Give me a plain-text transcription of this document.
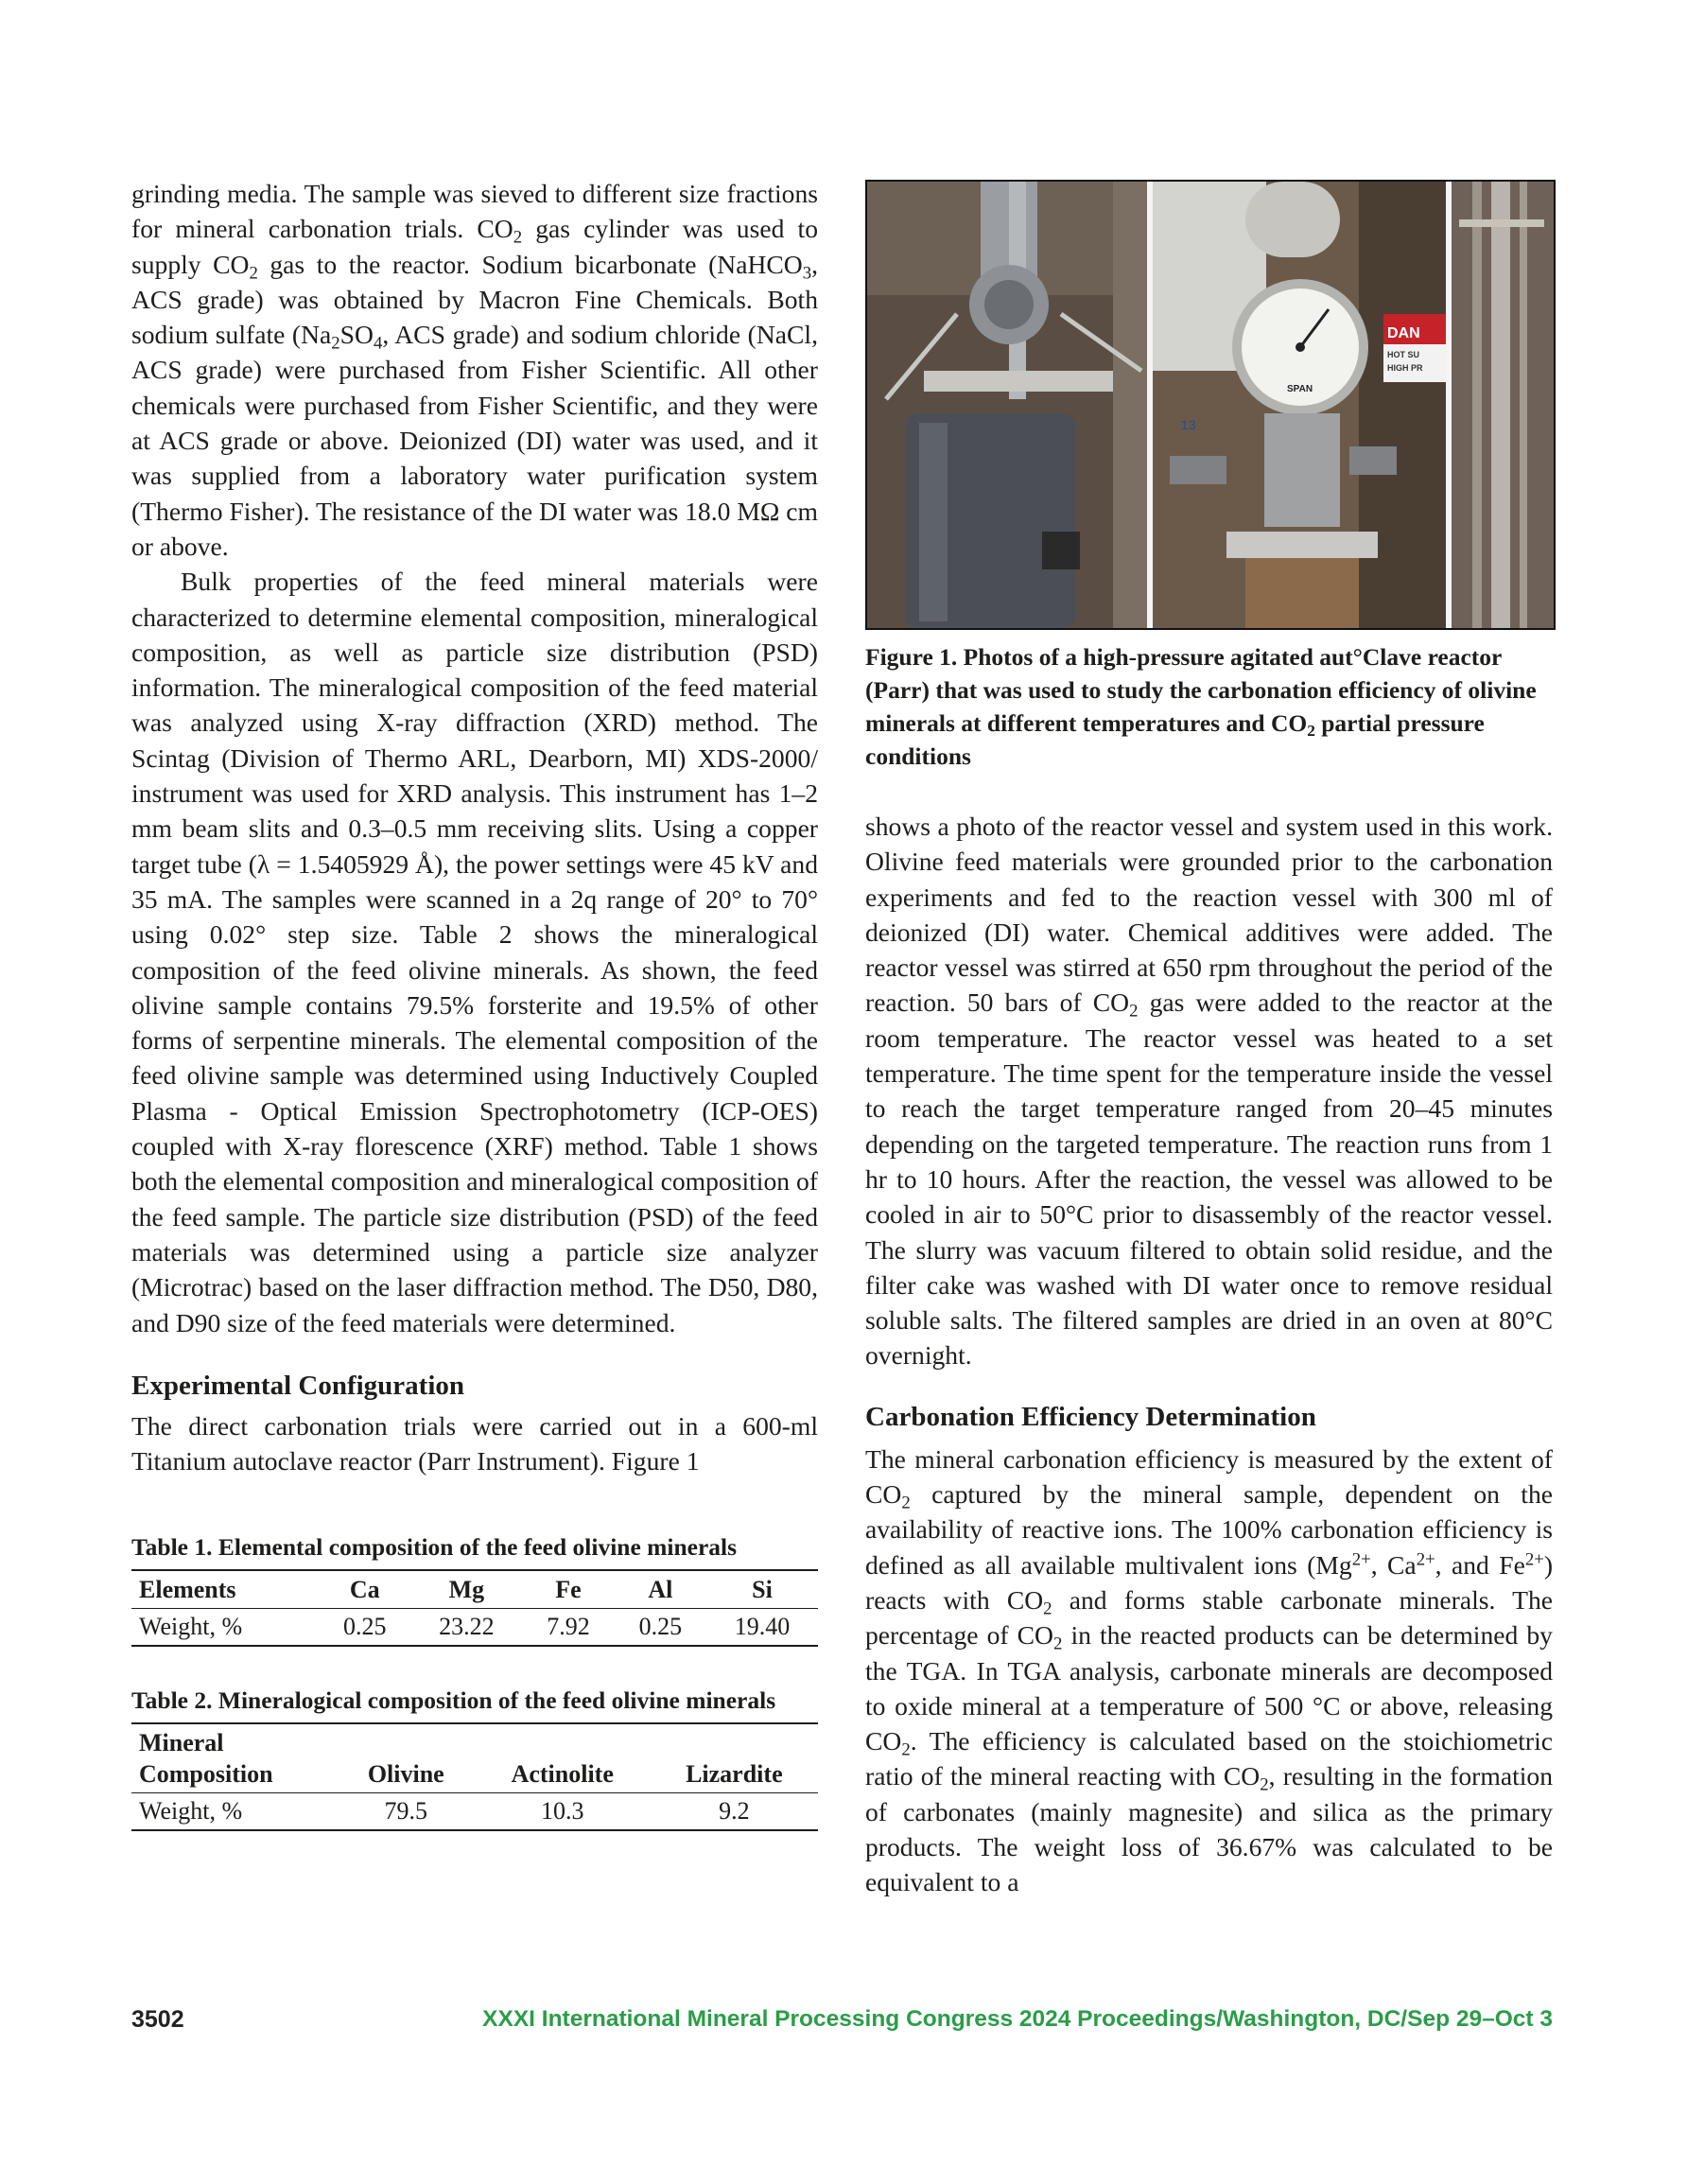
grinding media. The sample was sieved to different size fractions for mineral carbonation trials. $CO_2$ gas cylinder was used to supply $CO_2$ gas to the reactor. Sodium bicarbonate (NaHCO$_3$, ACS grade) was obtained by Macron Fine Chemicals. Both sodium sulfate ($Na_2SO_4$, ACS grade) and sodium chloride (NaCl, ACS grade) were purchased from Fisher Scientific. All other chemicals were purchased from Fisher Scientific, and they were at ACS grade or above. Deionized (DI) water was used, and it was supplied from a laboratory water purification system (Thermo Fisher). The resistance of the DI water was 18.0 MΩ cm or above.

Bulk properties of the feed mineral materials were characterized to determine elemental composition, mineralogical composition, as well as particle size distribution (PSD) information. The mineralogical composition of the feed material was analyzed using X-ray diffraction (XRD) method. The Scintag (Division of Thermo ARL, Dearborn, MI) XDS-2000/ instrument was used for XRD analysis. This instrument has 1–2 mm beam slits and 0.3–0.5 mm receiving slits. Using a copper target tube (λ = 1.5405929 Å), the power settings were 45 kV and 35 mA. The samples were scanned in a 2q range of 20° to 70° using 0.02° step size. Table 2 shows the mineralogical composition of the feed olivine minerals. As shown, the feed olivine sample contains 79.5% forsterite and 19.5% of other forms of serpentine minerals. The elemental composition of the feed olivine sample was determined using Inductively Coupled Plasma - Optical Emission Spectrophotometry (ICP-OES) coupled with X-ray florescence (XRF) method. Table 1 shows both the elemental composition and mineralogical composition of the feed sample. The particle size distribution (PSD) of the feed materials was determined using a particle size analyzer (Microtrac) based on the laser diffraction method. The D50, D80, and D90 size of the feed materials were determined.

Experimental Configuration

The direct carbonation trials were carried out in a 600-ml Titanium autoclave reactor (Parr Instrument). Figure 1

Table 1. Elemental composition of the feed olivine minerals

Elements	Ca	Mg	Fe	Al	Si
Weight, %	0.25	23.22	7.92	0.25	19.40

Table 2. Mineralogical composition of the feed olivine minerals

Mineral Composition	Olivine	Actinolite	Lizardite
Weight, %	79.5	10.3	9.2
SPAN
DAN
HOT SU
HIGH PR
13

Figure 1. Photos of a high-pressure agitated aut°Clave reactor (Parr) that was used to study the carbonation efficiency of olivine minerals at different temperatures and $CO_2$ partial pressure conditions

shows a photo of the reactor vessel and system used in this work. Olivine feed materials were grounded prior to the carbonation experiments and fed to the reaction vessel with 300 ml of deionized (DI) water. Chemical additives were added. The reactor vessel was stirred at 650 rpm throughout the period of the reaction. 50 bars of $CO_2$ gas were added to the reactor at the room temperature. The reactor vessel was heated to a set temperature. The time spent for the temperature inside the vessel to reach the target temperature ranged from 20–45 minutes depending on the targeted temperature. The reaction runs from 1 hr to 10 hours. After the reaction, the vessel was allowed to be cooled in air to 50°C prior to disassembly of the reactor vessel. The slurry was vacuum filtered to obtain solid residue, and the filter cake was washed with DI water once to remove residual soluble salts. The filtered samples are dried in an oven at 80°C overnight.

Carbonation Efficiency Determination

The mineral carbonation efficiency is measured by the extent of $CO_2$ captured by the mineral sample, dependent on the availability of reactive ions. The 100% carbonation efficiency is defined as all available multivalent ions ($Mg^{2+}$, $Ca^{2+}$, and $Fe^{2+}$) reacts with $CO_2$ and forms stable carbonate minerals. The percentage of $CO_2$ in the reacted products can be determined by the TGA. In TGA analysis, carbonate minerals are decomposed to oxide mineral at a temperature of 500 °C or above, releasing $CO_2$. The efficiency is calculated based on the stoichiometric ratio of the mineral reacting with $CO_2$, resulting in the formation of carbonates (mainly magnesite) and silica as the primary products. The weight loss of 36.67% was calculated to be equivalent to a

3502	XXXI International Mineral Processing Congress 2024 Proceedings/Washington, DC/Sep 29–Oct 3
